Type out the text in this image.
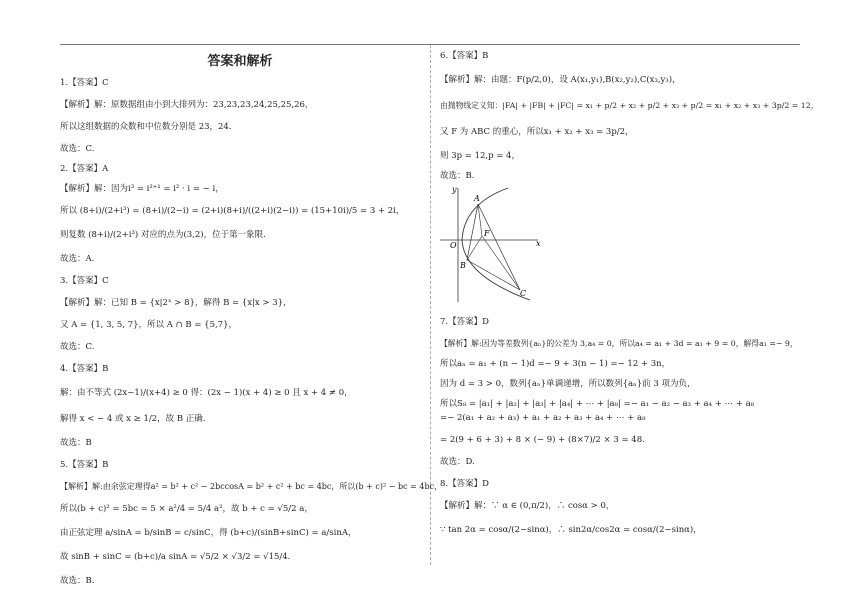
答案和解析
1.【答案】C
【解析】解：原数据组由小到大排列为：23,23,23,24,25,25,26，
所以这组数据的众数和中位数分别是 23，24.
故选：C.
2.【答案】A
【解析】解：因为i³ = i²⁺¹ = i² · i = − i，
所以 (8+i)/(2+i³) = (8+i)/(2−i) = (2+i)(8+i)/((2+i)(2−i)) = (15+10i)/5 = 3 + 2i，
则复数 (8+i)/(2+i³) 对应的点为(3,2)，位于第一象限.
故选：A.
3.【答案】C
【解析】解：已知 B = {x|2ˣ > 8}，解得 B = {x|x > 3}，
又 A = {1, 3, 5, 7}，所以 A ∩ B = {5,7}，
故选：C.
4.【答案】B
解：由不等式 (2x−1)/(x+4) ≥ 0 得：(2x − 1)(x + 4) ≥ 0 且 x + 4 ≠ 0，
解得 x < − 4 或 x ≥ 1/2，故 B 正确.
故选：B
5.【答案】B
【解析】解:由余弦定理得a² = b² + c² − 2bccosA = b² + c² + bc = 4bc，所以(b + c)² − bc = 4bc，
所以(b + c)² = 5bc = 5 × a²/4 = 5/4 a²，故 b + c = √5/2 a，
由正弦定理 a/sinA = b/sinB = c/sinC，得 (b+c)/(sinB+sinC) = a/sinA，
故 sinB + sinC = (b+c)/a sinA = √5/2 × √3/2 = √15/4.
故选：B.
6.【答案】B
【解析】解：由题：F(p/2,0)，设 A(x₁,y₁),B(x₂,y₂),C(x₃,y₃)，
由抛物线定义知：|FA| + |FB| + |FC| = x₁ + p/2 + x₂ + p/2 + x₃ + p/2 = x₁ + x₂ + x₃ + 3p/2 = 12，
又 F 为 ABC 的重心，所以x₁ + x₂ + x₃ = 3p/2，
则 3p = 12,p = 4，
故选：B.
y
x
O
A
F
B
C
7.【答案】D
【解析】解:因为等差数列{aₙ}的公差为 3,a₄ = 0，所以a₄ = a₁ + 3d = a₁ + 9 = 0，解得a₁ =− 9，
所以aₙ = a₁ + (n − 1)d =− 9 + 3(n − 1) =− 12 + 3n，
因为 d = 3 > 0，数列{aₙ}单调递增，所以数列{aₙ}前 3 项为负，
所以S₈ = |a₁| + |a₂| + |a₃| + |a₄| + ⋯ + |a₈| =− a₁ − a₂ − a₃ + a₄ + ⋯ + a₈
=− 2(a₁ + a₂ + a₃) + a₁ + a₂ + a₃ + a₄ + ⋯ + a₈
= 2(9 + 6 + 3) + 8 × (− 9) + (8×7)/2 × 3 = 48.
故选：D.
8.【答案】D
【解析】解：∵ α ∈ (0,π/2)，∴ cosα > 0，
∵ tan 2α = cosα/(2−sinα)，∴ sin2α/cos2α = cosα/(2−sinα)，
